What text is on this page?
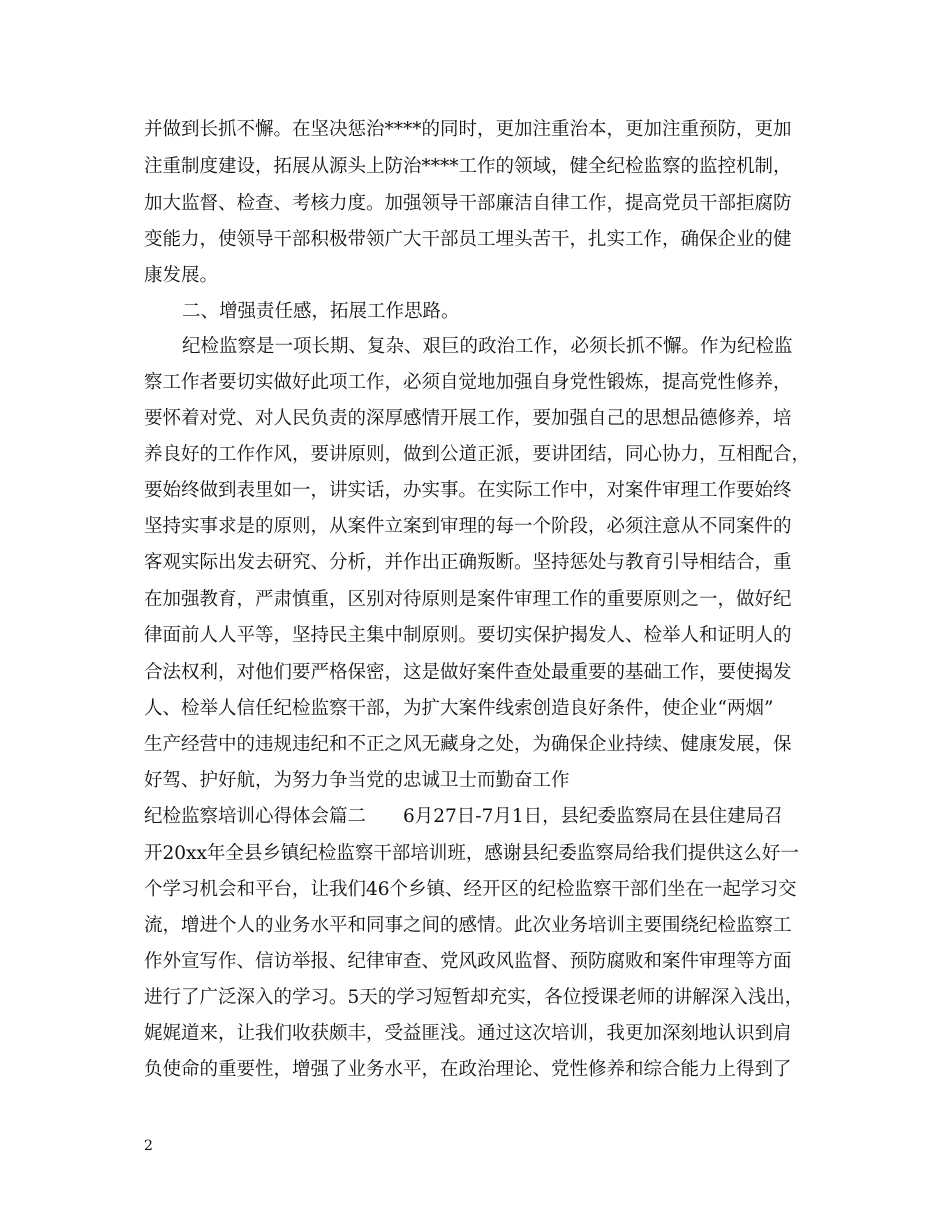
并做到长抓不懈。在坚决惩治****的同时，更加注重治本，更加注重预防，更加
注重制度建设，拓展从源头上防治****工作的领域，健全纪检监察的监控机制，
加大监督、检查、考核力度。加强领导干部廉洁自律工作，提高党员干部拒腐防
变能力，使领导干部积极带领广大干部员工埋头苦干，扎实工作，确保企业的健
康发展。
二、增强责任感，拓展工作思路。
纪检监察是一项长期、复杂、艰巨的政治工作，必须长抓不懈。作为纪检监
察工作者要切实做好此项工作，必须自觉地加强自身党性锻炼，提高党性修养，
要怀着对党、对人民负责的深厚感情开展工作，要加强自己的思想品德修养，培
养良好的工作作风，要讲原则，做到公道正派，要讲团结，同心协力，互相配合，
要始终做到表里如一，讲实话，办实事。在实际工作中，对案件审理工作要始终
坚持实事求是的原则，从案件立案到审理的每一个阶段，必须注意从不同案件的
客观实际出发去研究、分析，并作出正确叛断。坚持惩处与教育引导相结合，重
在加强教育，严肃慎重，区别对待原则是案件审理工作的重要原则之一，做好纪
律面前人人平等，坚持民主集中制原则。要切实保护揭发人、检举人和证明人的
合法权利，对他们要严格保密，这是做好案件查处最重要的基础工作，要使揭发
人、检举人信任纪检监察干部，为扩大案件线索创造良好条件，使企业“两烟”
生产经营中的违规违纪和不正之风无藏身之处，为确保企业持续、健康发展，保
好驾、护好航，为努力争当党的忠诚卫士而勤奋工作
纪检监察培训心得体会篇二　　6月27日-7月1日，县纪委监察局在县住建局召
开20xx年全县乡镇纪检监察干部培训班，感谢县纪委监察局给我们提供这么好一
个学习机会和平台，让我们46个乡镇、经开区的纪检监察干部们坐在一起学习交
流，增进个人的业务水平和同事之间的感情。此次业务培训主要围绕纪检监察工
作外宣写作、信访举报、纪律审查、党风政风监督、预防腐败和案件审理等方面
进行了广泛深入的学习。5天的学习短暂却充实，各位授课老师的讲解深入浅出，
娓娓道来，让我们收获颇丰，受益匪浅。通过这次培训，我更加深刻地认识到肩
负使命的重要性，增强了业务水平，在政治理论、党性修养和综合能力上得到了
2
